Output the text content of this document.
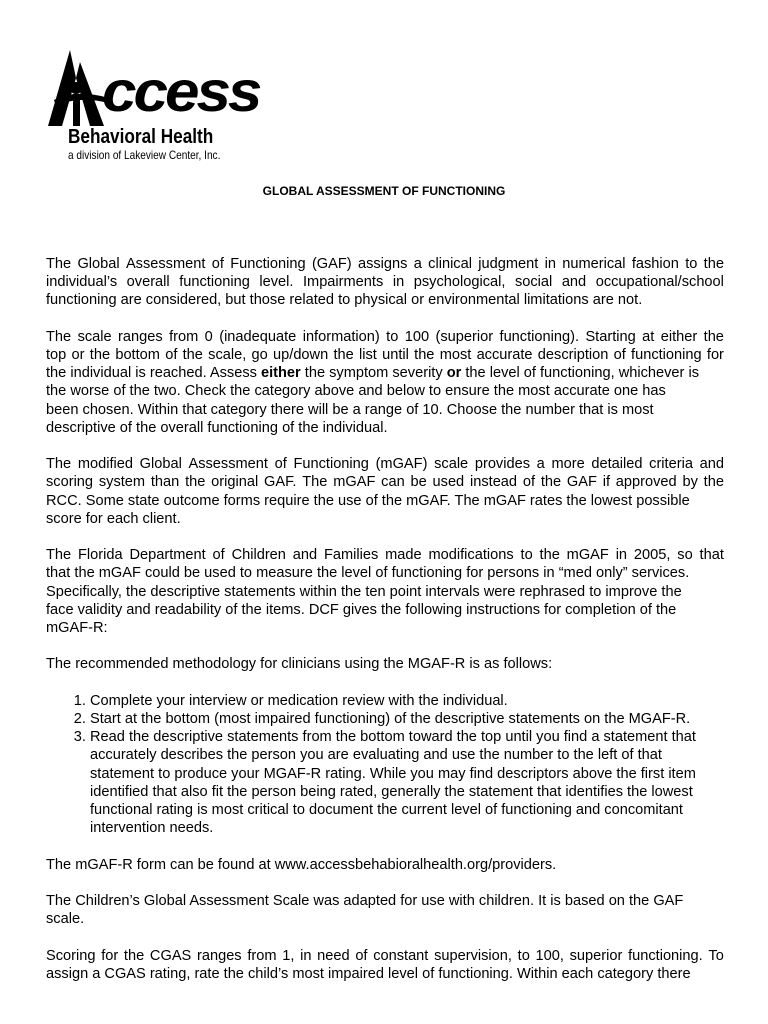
ccess
Behavioral Health
a division of Lakeview Center, Inc.
GLOBAL ASSESSMENT OF FUNCTIONING

The Global Assessment of Functioning (GAF) assigns a clinical judgment in numerical fashion to the
individual’s overall functioning level. Impairments in psychological, social and occupational/school
functioning are considered, but those related to physical or environmental limitations are not.

The scale ranges from 0 (inadequate information) to 100 (superior functioning). Starting at either the
top or the bottom of the scale, go up/down the list until the most accurate description of functioning for
the individual is reached. Assess either the symptom severity or the level of functioning, whichever is
the worse of the two. Check the category above and below to ensure the most accurate one has
been chosen. Within that category there will be a range of 10. Choose the number that is most
descriptive of the overall functioning of the individual.

The modified Global Assessment of Functioning (mGAF) scale provides a more detailed criteria and
scoring system than the original GAF. The mGAF can be used instead of the GAF if approved by the
RCC. Some state outcome forms require the use of the mGAF. The mGAF rates the lowest possible
score for each client.

The Florida Department of Children and Families made modifications to the mGAF in 2005, so that
that the mGAF could be used to measure the level of functioning for persons in “med only” services.
Specifically, the descriptive statements within the ten point intervals were rephrased to improve the
face validity and readability of the items. DCF gives the following instructions for completion of the
mGAF-R:

The recommended methodology for clinicians using the MGAF-R is as follows:

1. Complete your interview or medication review with the individual.
2. Start at the bottom (most impaired functioning) of the descriptive statements on the MGAF-R.
3. Read the descriptive statements from the bottom toward the top until you find a statement that
accurately describes the person you are evaluating and use the number to the left of that
statement to produce your MGAF-R rating. While you may find descriptors above the first item
identified that also fit the person being rated, generally the statement that identifies the lowest
functional rating is most critical to document the current level of functioning and concomitant
intervention needs.

The mGAF-R form can be found at www.accessbehabioralhealth.org/providers.

The Children’s Global Assessment Scale was adapted for use with children. It is based on the GAF
scale.

Scoring for the CGAS ranges from 1, in need of constant supervision, to 100, superior functioning. To
assign a CGAS rating, rate the child’s most impaired level of functioning. Within each category there
